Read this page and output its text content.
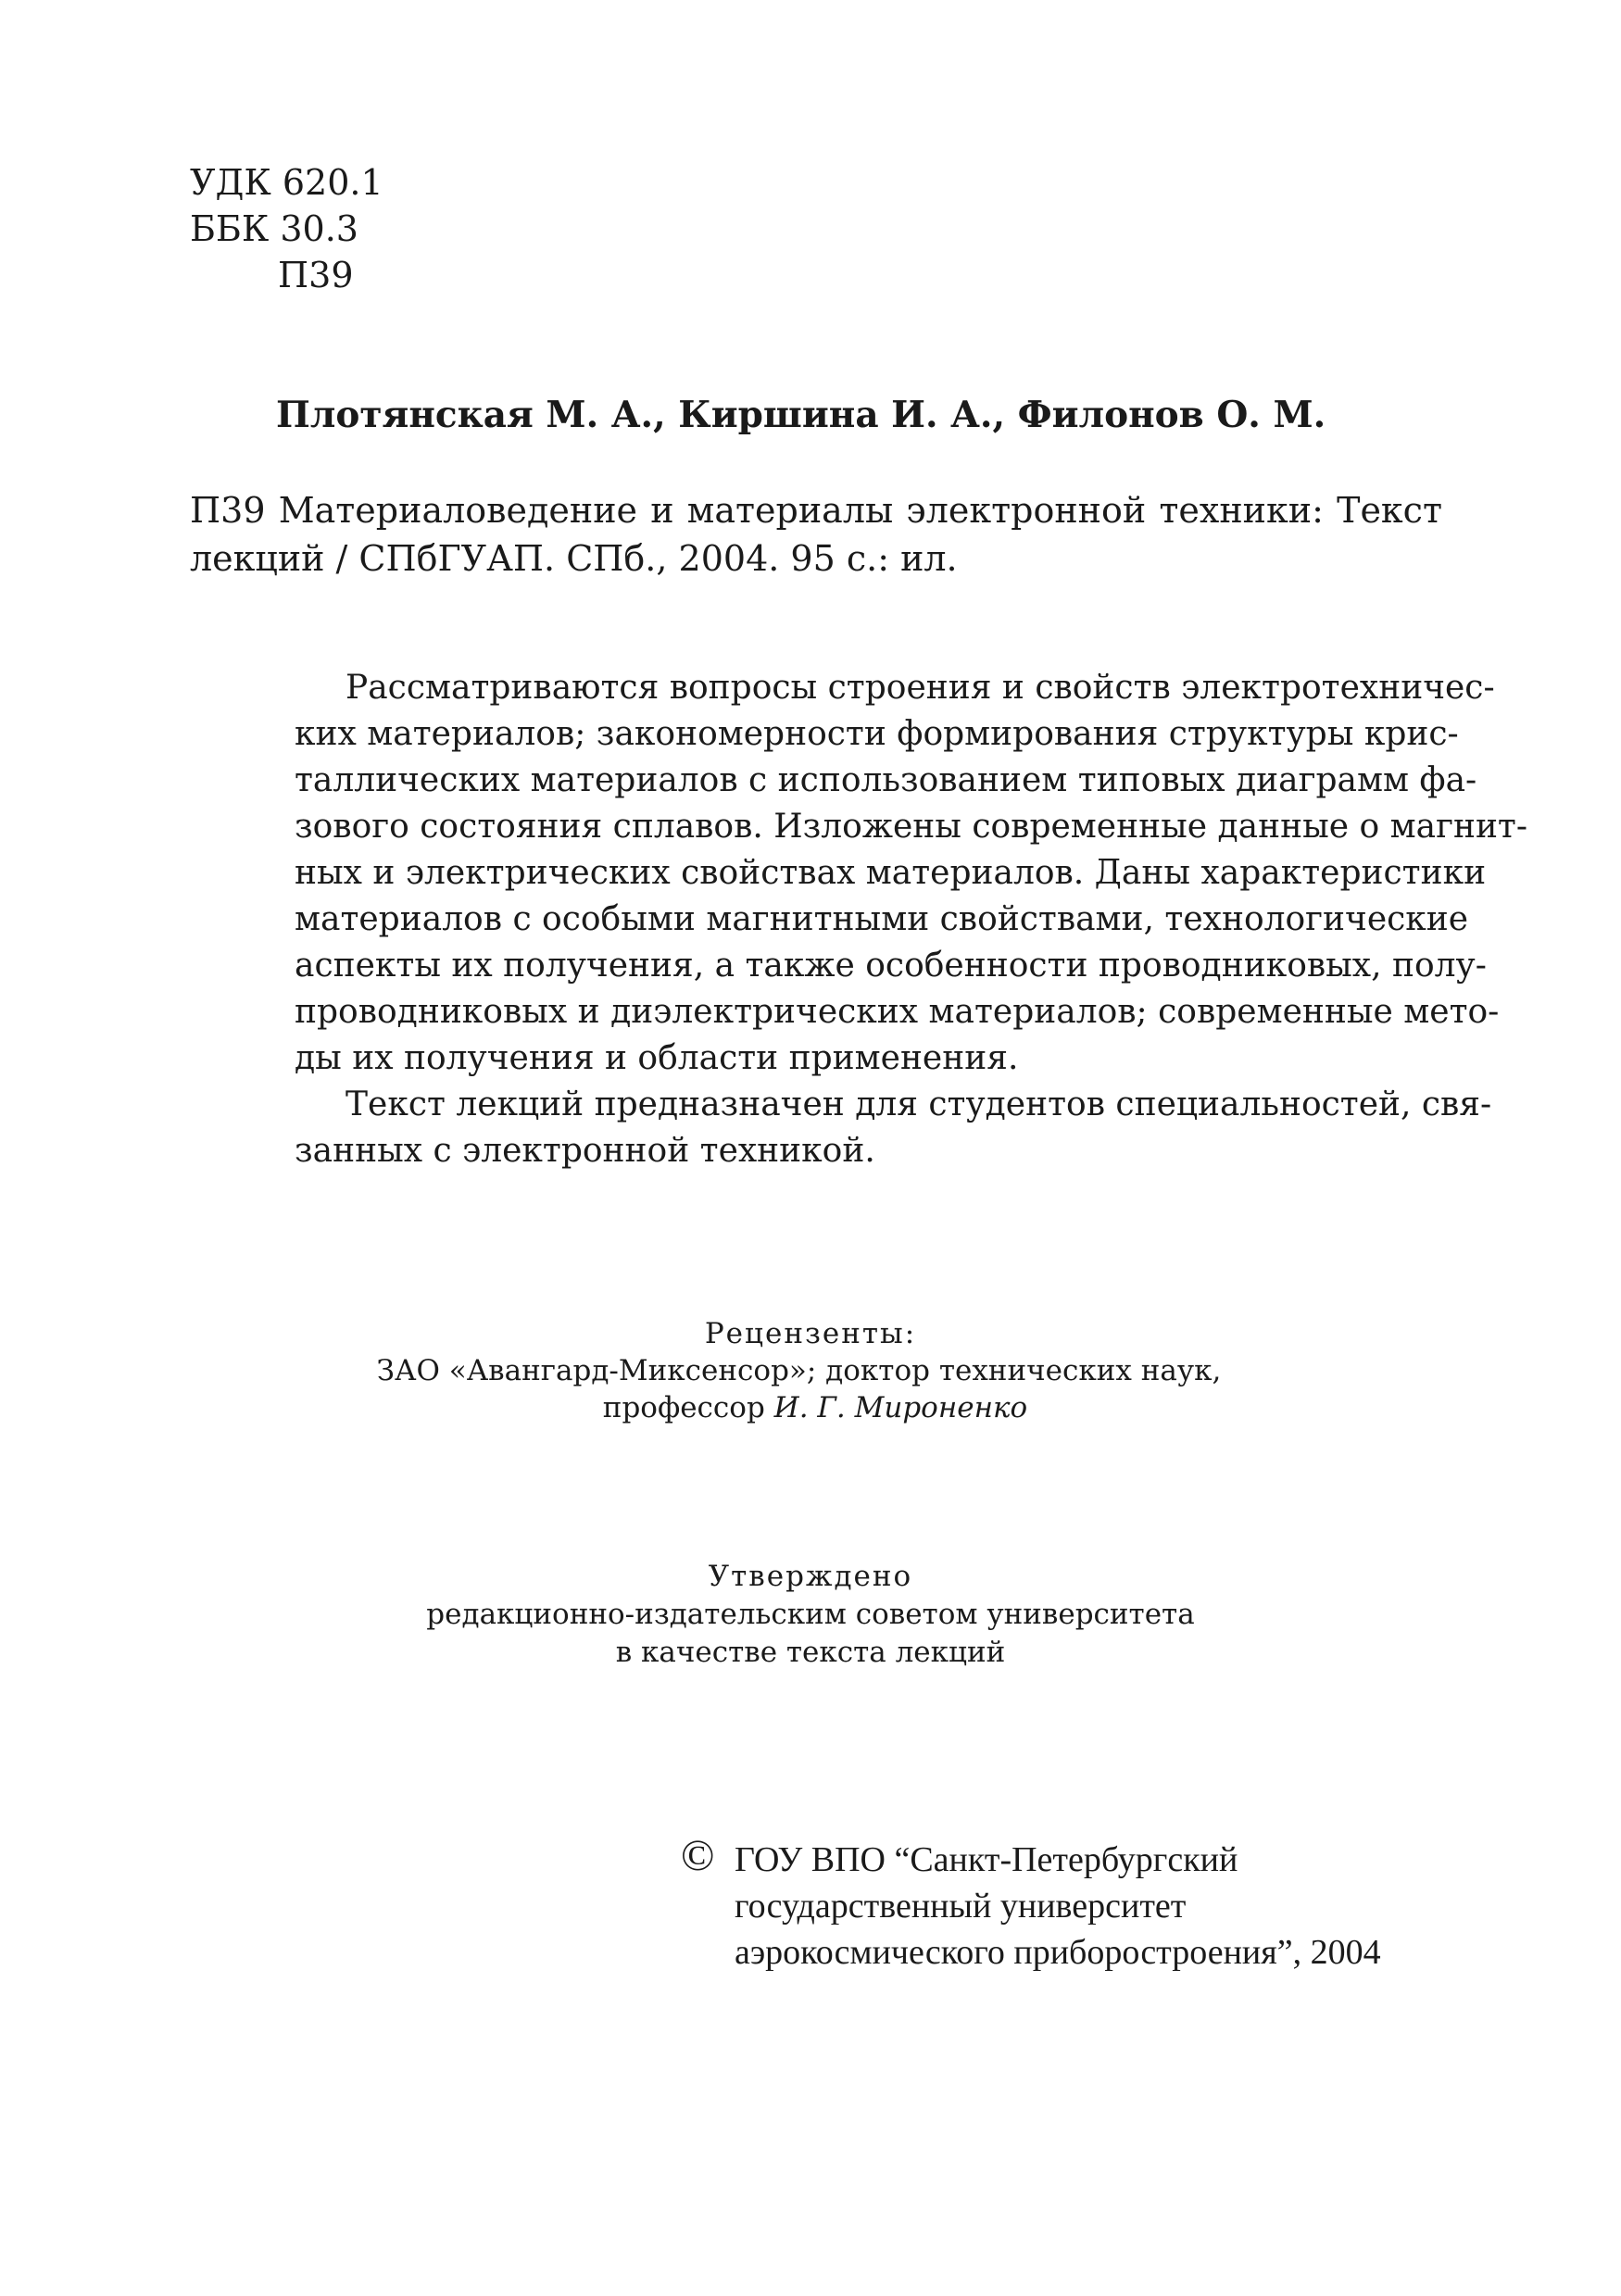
УДК 620.1
ББК 30.3
П39
Плотянская М. А., Киршина И. А., Филонов О. М.
П39 Материаловедение и материалы электронной техники: Текст
лекций / СПбГУАП. СПб., 2004. 95 с.: ил.
Рассматриваются вопросы строения и свойств электротехничес-
ких материалов; закономерности формирования структуры крис-
таллических материалов с использованием типовых диаграмм фа-
зового состояния сплавов. Изложены современные данные о магнит-
ных и электрических свойствах материалов. Даны характеристики
материалов с особыми магнитными свойствами, технологические
аспекты их получения, а также особенности проводниковых, полу-
проводниковых и диэлектрических материалов; современные мето-
ды их получения и области применения.
Текст лекций предназначен для студентов специальностей, свя-
занных с электронной техникой.
Рецензенты:
ЗАО «Авангард-Миксенсор»; доктор технических наук,
профессор И. Г. Мироненко
Утверждено
редакционно-издательским советом университета
в качестве текста лекций
© ГОУ ВПО “Санкт-Петербургский
государственный университет
аэрокосмического приборостроения”, 2004
